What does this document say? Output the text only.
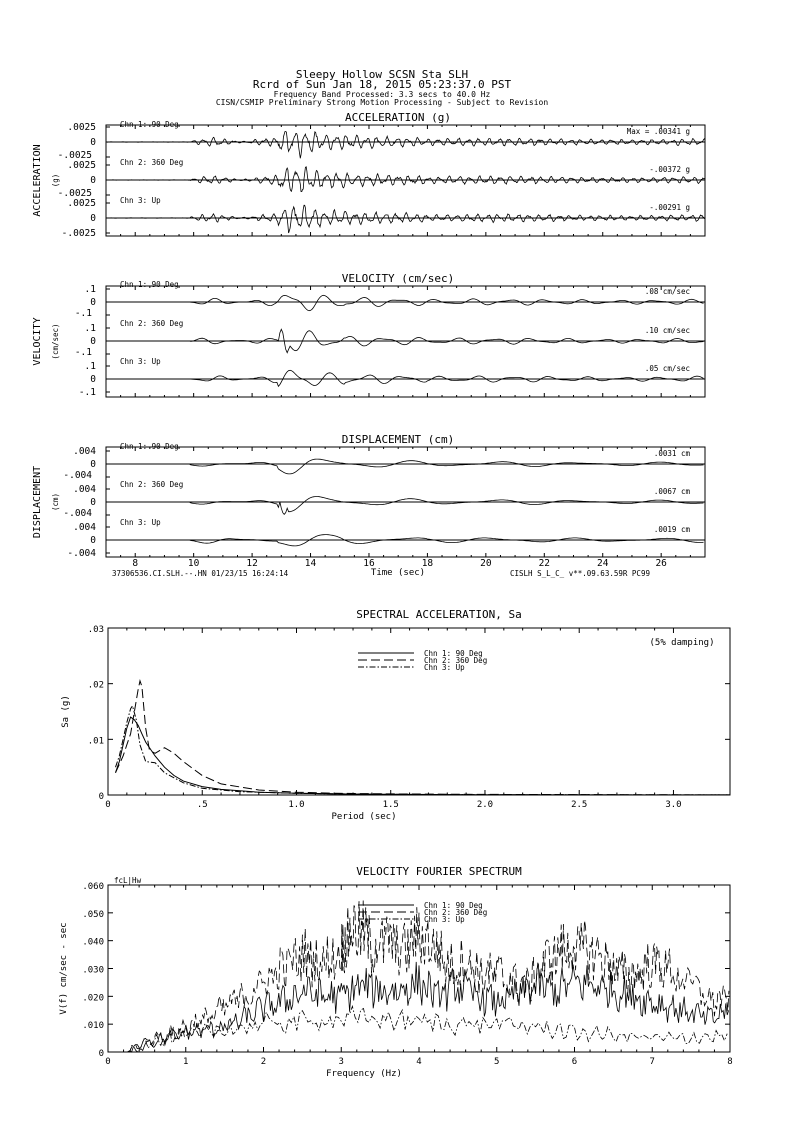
Sleepy Hollow SCSN Sta SLH
Rcrd of Sun Jan 18, 2015 05:23:37.0 PST
Frequency Band Processed: 3.3 secs to 40.0 Hz
CISN/CSMIP Preliminary Strong Motion Processing - Subject to Revision
ACCELERATION (g)
ACCELERATION (g)
.0025
0
-.0025
Chn 1: 90 Deg
Max = .00341 g
.0025
0
-.0025
Chn 2: 360 Deg
-.00372 g
.0025
0
-.0025
Chn 3: Up
-.00291 g
VELOCITY (cm/sec)
VELOCITY (cm/sec)
.1
0
-.1
Chn 1: 90 Deg
.08 cm/sec
.1
0
-.1
Chn 2: 360 Deg
.10 cm/sec
.1
0
-.1
Chn 3: Up
.05 cm/sec
DISPLACEMENT (cm)
DISPLACEMENT (cm)
.004
0
-.004
Chn 1: 90 Deg
.0031 cm
.004
0
-.004
Chn 2: 360 Deg
.0067 cm
.004
0
-.004
Chn 3: Up
.0019 cm
8	10	12	14	16	18	20	22	24	26
Time (sec)
37306536.CI.SLH.--.HN 01/23/15 16:24:14	CISLH S_L_C_ v**.09.63.59R PC99
SPECTRAL ACCELERATION, Sa
0	.5	1.0	1.5	2.0	2.5	3.0
0
.01
.02
.03
Period (sec)
Sa (g)
(5% damping)
Chn 1: 90 Deg
Chn 2: 360 Deg
Chn 3: Up
VELOCITY FOURIER SPECTRUM
0	1	2	3	4	5	6	7	8
0
.010
.020
.030
.040
.050
.060
Frequency (Hz)
V(f) cm/sec - sec
fcL|Hw
Chn 1: 90 Deg
Chn 2: 360 Deg
Chn 3: Up
